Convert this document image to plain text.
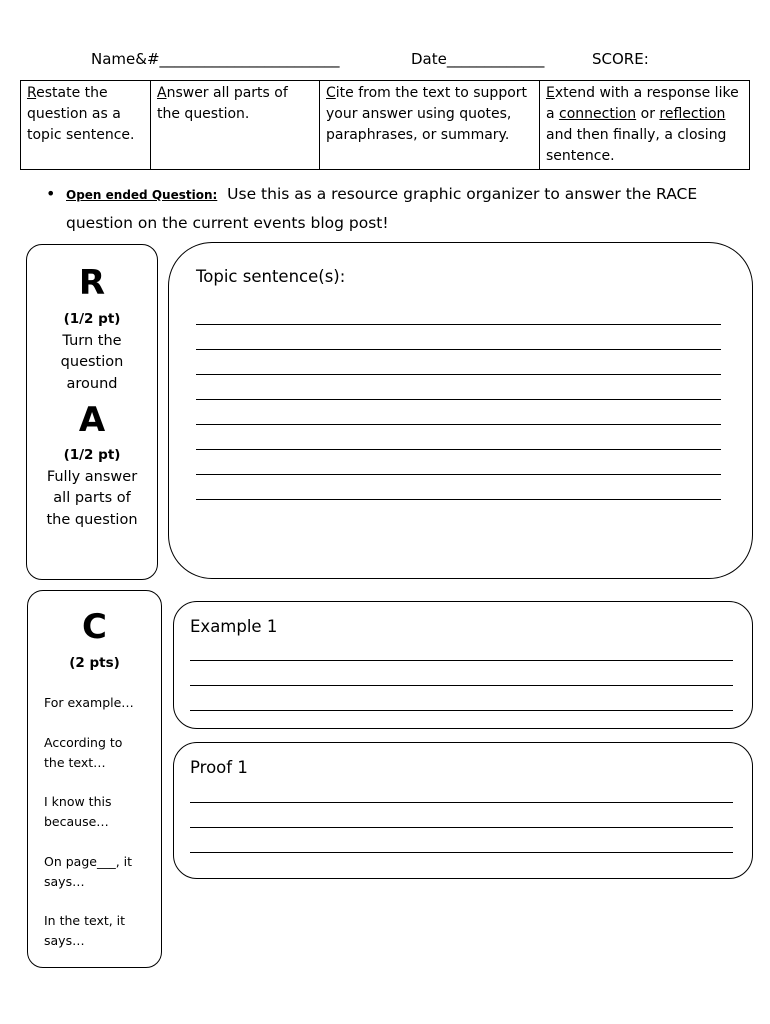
Name&#________________________	Date_____________	SCORE:
Restate the question as a topic sentence.	Answer all parts of the question.	Cite from the text to support your answer using quotes, paraphrases, or summary.	Extend with a response like a connection or reflection and then finally, a closing sentence.
• Open ended Question: Use this as a resource graphic organizer to answer the RACE question on the current events blog post!
R
(1/2 pt)
Turn the
question
around
A
(1/2 pt)
Fully answer
all parts of
the question
Topic sentence(s):
C
(2 pts)
For example…
According to
the text…
I know this
because…
On page___, it
says…
In the text, it
says…
Example 1
Proof 1
